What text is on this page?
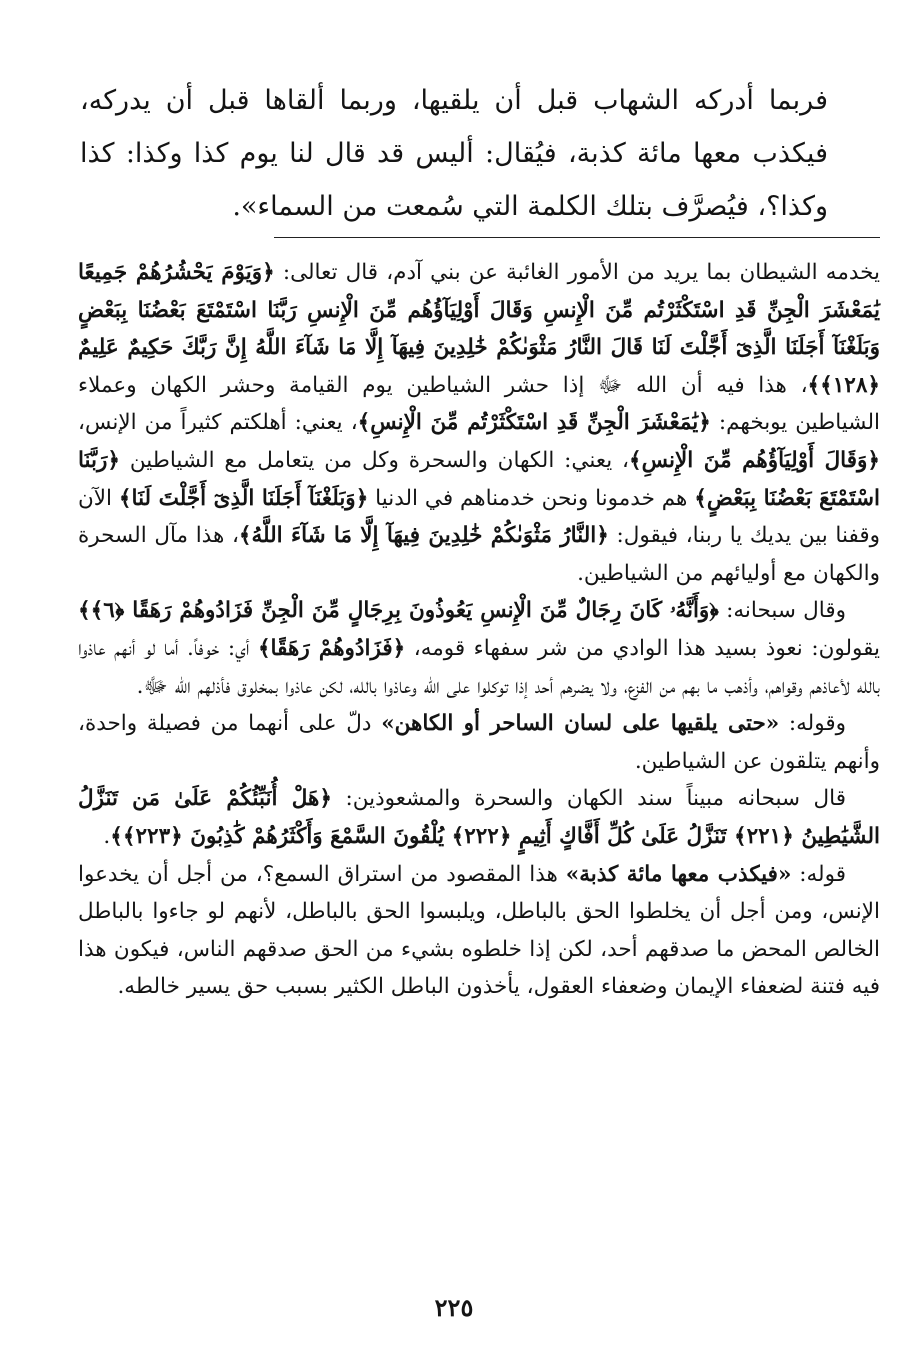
فربما أدركه الشهاب قبل أن يلقيها، وربما ألقاها قبل أن يدركه، فيكذب معها مائة كذبة، فيُقال: أليس قد قال لنا يوم كذا وكذا: كذا وكذا؟، فيُصرَّف بتلك الكلمة التي سُمعت من السماء».

يخدمه الشيطان بما يريد من الأمور الغائبة عن بني آدم، قال تعالى: ﴿وَيَوْمَ يَحْشُرُهُمْ جَمِيعًا يَٰمَعْشَرَ الْجِنِّ قَدِ اسْتَكْثَرْتُم مِّنَ الْإِنسِ وَقَالَ أَوْلِيَآؤُهُم مِّنَ الْإِنسِ رَبَّنَا اسْتَمْتَعَ بَعْضُنَا بِبَعْضٍ وَبَلَغْنَآ أَجَلَنَا الَّذِىٓ أَجَّلْتَ لَنَا قَالَ النَّارُ مَثْوَىٰكُمْ خَٰلِدِينَ فِيهَآ إِلَّا مَا شَآءَ اللَّهُ إِنَّ رَبَّكَ حَكِيمٌ عَلِيمٌ ﴿١٢٨﴾﴾، هذا فيه أن الله ﷻ إذا حشر الشياطين يوم القيامة وحشر الكهان وعملاء الشياطين يوبخهم: ﴿يَٰمَعْشَرَ الْجِنِّ قَدِ اسْتَكْثَرْتُم مِّنَ الْإِنسِ﴾، يعني: أهلكتم كثيراً من الإنس، ﴿وَقَالَ أَوْلِيَآؤُهُم مِّنَ الْإِنسِ﴾، يعني: الكهان والسحرة وكل من يتعامل مع الشياطين ﴿رَبَّنَا اسْتَمْتَعَ بَعْضُنَا بِبَعْضٍ﴾ هم خدمونا ونحن خدمناهم في الدنيا ﴿وَبَلَغْنَآ أَجَلَنَا الَّذِىٓ أَجَّلْتَ لَنَا﴾ الآن وقفنا بين يديك يا ربنا، فيقول: ﴿النَّارُ مَثْوَىٰكُمْ خَٰلِدِينَ فِيهَآ إِلَّا مَا شَآءَ اللَّهُ﴾، هذا مآل السحرة والكهان مع أوليائهم من الشياطين.

وقال سبحانه: ﴿وَأَنَّهُۥ كَانَ رِجَالٌ مِّنَ الْإِنسِ يَعُوذُونَ بِرِجَالٍ مِّنَ الْجِنِّ فَزَادُوهُمْ رَهَقًا ﴿٦﴾﴾ يقولون: نعوذ بسيد هذا الوادي من شر سفهاء قومه، ﴿فَزَادُوهُمْ رَهَقًا﴾ أي: خوفاً. أما لو أنهم عاذوا بالله لأعاذهم وقواهم، وأذهب ما بهم من الفزع، ولا يضرهم أحد إذا توكلوا على الله وعاذوا بالله، لكن عاذوا بمخلوق فأذلهم الله ﷻ.

وقوله: «حتى يلقيها على لسان الساحر أو الكاهن» دلّ على أنهما من فصيلة واحدة، وأنهم يتلقون عن الشياطين.

قال سبحانه مبيناً سند الكهان والسحرة والمشعوذين: ﴿هَلْ أُنَبِّئُكُمْ عَلَىٰ مَن تَنَزَّلُ الشَّيَٰطِينُ ﴿٢٢١﴾ تَنَزَّلُ عَلَىٰ كُلِّ أَفَّاكٍ أَثِيمٍ ﴿٢٢٢﴾ يُلْقُونَ السَّمْعَ وَأَكْثَرُهُمْ كَٰذِبُونَ ﴿٢٢٣﴾﴾.

قوله: «فيكذب معها مائة كذبة» هذا المقصود من استراق السمع؟، من أجل أن يخدعوا الإنس، ومن أجل أن يخلطوا الحق بالباطل، ويلبسوا الحق بالباطل، لأنهم لو جاءوا بالباطل الخالص المحض ما صدقهم أحد، لكن إذا خلطوه بشيء من الحق صدقهم الناس، فيكون هذا فيه فتنة لضعفاء الإيمان وضعفاء العقول، يأخذون الباطل الكثير بسبب حق يسير خالطه.

٢٢٥
